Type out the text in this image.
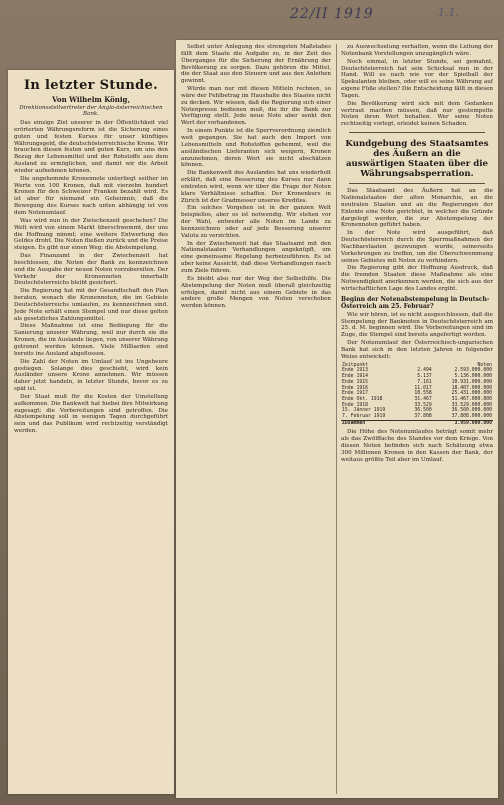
22/II 1919	1.1.
In letzter Stunde.
Von Wilhelm König,
Direktionsstellvertreter der Anglo-österreichischen Bank.
Das einzige Ziel unserer in der Öffentlichkeit viel erörterten Währungsreform ist die Sicherung eines guten und festen Kurses für unser künftiges Währungsgeld, die deutschösterreichische Krone. Wir brauchen diesen festen und guten Kurs, um uns den Bezug der Lebensmittel und der Rohstoffe aus dem Ausland zu ermöglichen, und damit wir die Arbeit wieder aufnehmen können.
Die ungehemmte Kronennote unterliegt seither im Werte von 100 Kronen, daß mit vierzehn hundert Kronen für den Schweizer Franken bezahlt wird. Es ist aber für niemand ein Geheimnis, daß die Bewegung des Kurses nach unten abhängig ist von dem Notenumlauf.
Was wird nun in der Zwischenzeit geschehen? Die Welt wird von einem Markt überschwemmt, der uns die Hoffnung nimmt; eine weitere Entwertung des Geldes droht. Die Noten fließen zurück und die Preise steigen. Es gibt nur einen Weg: die Abstempelung.
Das Finanzamt in der Zwischenzeit hat beschlossen, die Noten der Bank zu kennzeichnen und die Ausgabe der neuen Noten vorzubereiten. Der Verkehr der Kronennoten innerhalb Deutschösterreichs bleibt gesichert.
Die Regierung hat mit der Gesandtschaft den Plan beraten, wonach die Kronennoten, die im Gebiete Deutschösterreichs umlaufen, zu kennzeichnen sind. Jede Note erhält einen Stempel und nur diese gelten als gesetzliches Zahlungsmittel.
Diese Maßnahme ist eine Bedingung für die Sanierung unserer Währung, weil nur durch sie die Kronen, die im Auslande liegen, von unserer Währung getrennt werden können. Viele Milliarden sind bereits ins Ausland abgeflossen.
Die Zahl der Noten im Umlauf ist ins Ungeheure gestiegen. Solange dies geschieht, wird kein Ausländer unsere Krone annehmen. Wir müssen daher jetzt handeln, in letzter Stunde, bevor es zu spät ist.
Der Staat muß für die Kosten der Umstellung aufkommen. Die Bankwelt hat hiebei ihre Mitwirkung zugesagt; die Vorbereitungen sind getroffen. Die Abstempelung soll in wenigen Tagen durchgeführt sein und das Publikum wird rechtzeitig verständigt werden.
Selbst unter Anlegung des strengsten Maßstabes fällt dem Staate die Aufgabe zu, in der Zeit des Überganges für die Sicherung der Ernährung der Bevölkerung zu sorgen. Dazu gehören die Mittel, die der Staat aus den Steuern und aus den Anleihen gewinnt.
Würde man nur mit diesen Mitteln rechnen, so wäre der Fehlbetrag im Haushalte des Staates nicht zu decken. Wir wissen, daß die Regierung sich einer Notenpresse bedienen muß, die ihr die Bank zur Verfügung stellt. Jede neue Note aber senkt den Wert der vorhandenen.
In einem Punkte ist die Sperrverordnung ziemlich weit gegangen. Sie hat auch den Import von Lebensmitteln und Rohstoffen gehemmt, weil die ausländischen Lieferanten sich weigern, Kronen anzunehmen, deren Wert sie nicht abschätzen können.
Die Bankenwelt des Auslandes hat uns wiederholt erklärt, daß eine Besserung des Kurses nur dann eintreten wird, wenn wir über die Frage der Noten klare Verhältnisse schaffen. Der Kronenkurs in Zürich ist der Gradmesser unseres Kredites.
Ein solches Vorgehen ist in der ganzen Welt beispiellos, aber es ist notwendig. Wir stehen vor der Wahl, entweder alle Noten im Lande zu kennzeichnen oder auf jede Besserung unserer Valuta zu verzichten.
In der Zwischenzeit hat das Staatsamt mit den Nationalstaaten Verhandlungen angeknüpft, um eine gemeinsame Regelung herbeizuführen. Es ist aber keine Aussicht, daß diese Verhandlungen rasch zum Ziele führen.
Es bleibt also nur der Weg der Selbsthilfe. Die Abstempelung der Noten muß überall gleichzeitig erfolgen, damit nicht aus einem Gebiete in das andere große Mengen von Noten verschoben werden können.
zu Auswechselung verhalten, wenn die Leitung der Notenbank Vorstellungen unzugänglich wäre.
Noch einmal, in letzter Stunde, sei gemahnt, Deutschösterreich hat sein Schicksal nun in der Hand. Will es nach wie vor der Spielball der Spekulanten bleiben, oder will es seine Währung auf eigene Füße stellen? Die Entscheidung fällt in diesen Tagen.
Die Bevölkerung wird sich mit dem Gedanken vertraut machen müssen, daß nur gestempelte Noten ihren Wert behalten. Wer seine Noten rechtzeitig vorlegt, erleidet keinen Schaden.
Kundgebung des Staatsamtes des Äußern an die auswärtigen Staaten über die Währungsabsperration.
Das Staatsamt des Äußern hat an die Nationalstaaten der alten Monarchie, an die neutralen Staaten und an die Regierungen der Entente eine Note gerichtet, in welcher die Gründe dargelegt werden, die zur Abstempelung der Kronennoten geführt haben.
In der Note wird ausgeführt, daß Deutschösterreich durch die Sperrmaßnahmen der Nachbarstaaten gezwungen wurde, seinerseits Vorkehrungen zu treffen, um die Überschwemmung seines Gebietes mit Noten zu verhindern.
Die Regierung gibt der Hoffnung Ausdruck, daß die fremden Staaten diese Maßnahme als eine Notwendigkeit anerkennen werden, die sich aus der wirtschaftlichen Lage des Landes ergibt.
Beginn der Notenabstempelung in Deutsch-Österreich am 25. Februar?
Wie wir hören, ist es nicht ausgeschlossen, daß die Stempelung der Banknoten in Deutschösterreich am 25. d. M. beginnen wird. Die Vorbereitungen sind im Zuge, die Stempel sind bereits angefertigt worden.
Der Notenumlauf der Österreichisch-ungarischen Bank hat sich in den letzten Jahren in folgender Weise entwickelt:
Zeitpunkt		Noten
Ende 1913	2.494	2.593.000.000
Ende 1914	5.137	5.136.000.000
Ende 1915	7.161	10.931.000.000
Ende 1916	11.017	18.407.000.000
Ende 1917	18.558	25.431.000.000
Ende Okt. 1918	31.467	31.467.000.000
Ende 1918	33.529	33.529.000.000
15. Jänner 1919	36.500	36.500.000.000
7. Februar 1919	37.808	37.808.000.000
Zusammen		3.959.000.000
Die Höhe des Notenumlaufes beträgt somit mehr als das Zwölffache des Standes vor dem Kriege. Von diesen Noten befinden sich nach Schätzung etwa 300 Millionen Kronen in den Kassen der Bank, der weitaus größte Teil aber im Umlauf.
